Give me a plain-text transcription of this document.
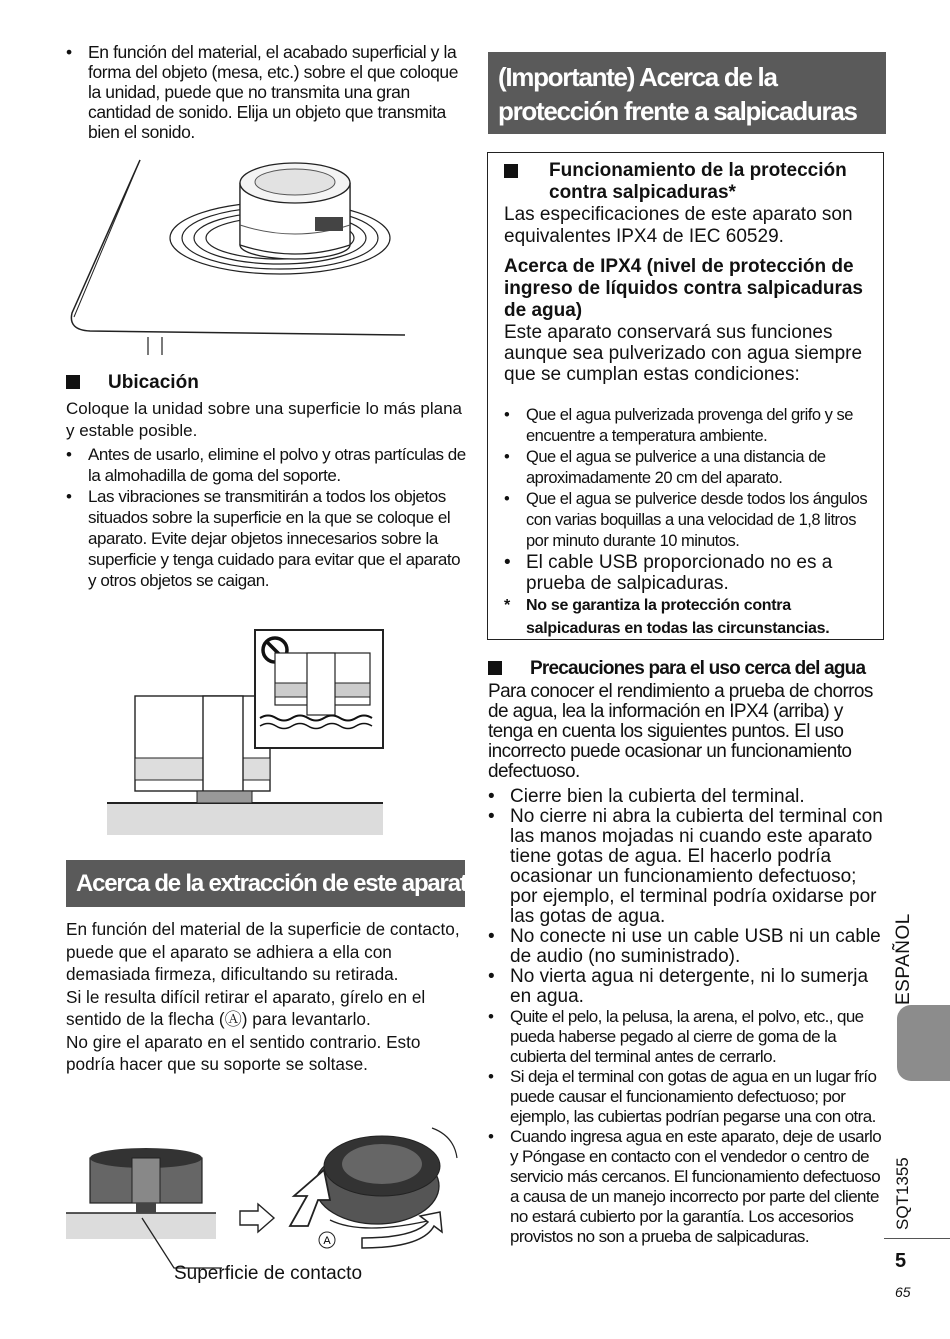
• En función del material, el acabado superficial y la forma del objeto (mesa, etc.) sobre el que coloque la unidad, puede que no transmita una gran cantidad de sonido. Elija un objeto que transmita bien el sonido.
Ubicación

Coloque la unidad sobre una superficie lo más plana y estable posible.

• Antes de usarlo, elimine el polvo y otras partículas de la almohadilla de goma del soporte.
• Las vibraciones se transmitirán a todos los objetos situados sobre la superficie en la que se coloque el aparato. Evite dejar objetos innecesarios sobre la superficie y tenga cuidado para evitar que el aparato y otros objetos se caigan.
Acerca de la extracción de este aparato

En función del material de la superficie de contacto, puede que el aparato se adhiera a ella con demasiada firmeza, dificultando su retirada.

Si le resulta difícil retirar el aparato, gírelo en el sentido de la flecha (Ⓐ) para levantarlo.

No gire el aparato en el sentido contrario. Esto podría hacer que su soporte se soltase.

A
Superficie de contacto
(Importante) Acerca de la protección frente a salpicaduras
Funcionamiento de la protección contra salpicaduras*

Las especificaciones de este aparato son equivalentes IPX4 de IEC 60529.

Acerca de IPX4 (nivel de protección de ingreso de líquidos contra salpicaduras de agua)

Este aparato conservará sus funciones aunque sea pulverizado con agua siempre que se cumplan estas condiciones:

• Que el agua pulverizada provenga del grifo y se encuentre a temperatura ambiente.
• Que el agua se pulverice a una distancia de aproximadamente 20 cm del aparato.
• Que el agua se pulverice desde todos los ángulos con varias boquillas a una velocidad de 1,8 litros por minuto durante 10 minutos.
• El cable USB proporcionado no es a prueba de salpicaduras.
* No se garantiza la protección contra salpicaduras en todas las circunstancias.
Precauciones para el uso cerca del agua

Para conocer el rendimiento a prueba de chorros de agua, lea la información en IPX4 (arriba) y tenga en cuenta los siguientes puntos. El uso incorrecto puede ocasionar un funcionamiento defectuoso.

• Cierre bien la cubierta del terminal.
• No cierre ni abra la cubierta del terminal con las manos mojadas ni cuando este aparato tiene gotas de agua. El hacerlo podría ocasionar un funcionamiento defectuoso; por ejemplo, el terminal podría oxidarse por las gotas de agua.
• No conecte ni use un cable USB ni un cable de audio (no suministrado).
• No vierta agua ni detergente, ni lo sumerja en agua.
• Quite el pelo, la pelusa, la arena, el polvo, etc., que pueda haberse pegado al cierre de goma de la cubierta del terminal antes de cerrarlo.
• Si deja el terminal con gotas de agua en un lugar frío puede causar el funcionamiento defectuoso; por ejemplo, las cubiertas podrían pegarse una con otra.
• Cuando ingresa agua en este aparato, deje de usarlo y Póngase en contacto con el vendedor o centro de servicio más cercanos. El funcionamiento defectuoso a causa de un manejo incorrecto por parte del cliente no estará cubierto por la garantía. Los accesorios provistos no son a prueba de salpicaduras.
ESPAÑOL
SQT1355
5
65
